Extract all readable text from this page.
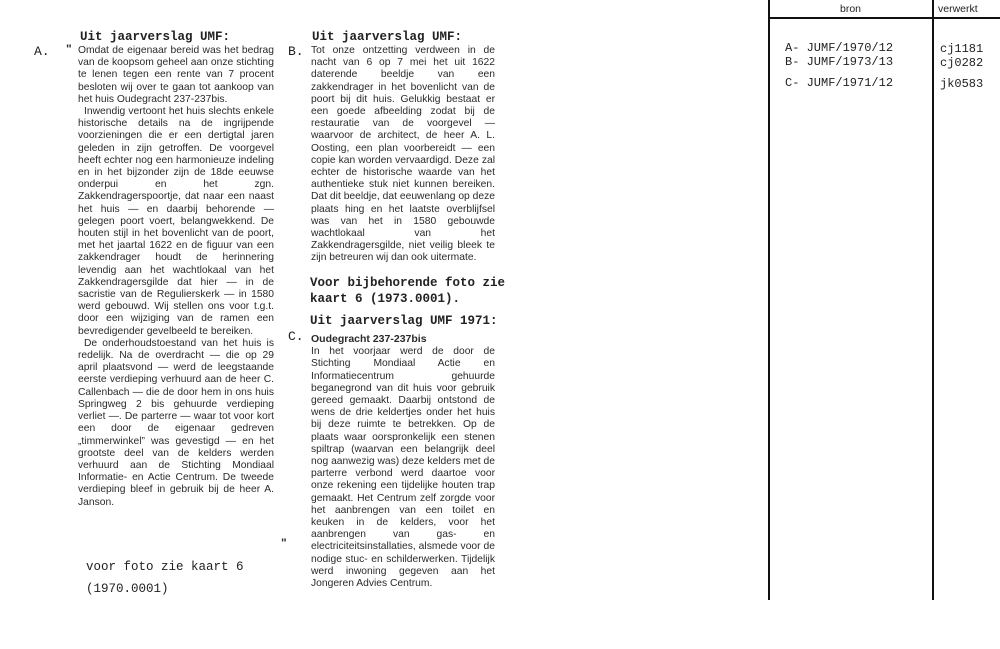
Uit jaarverslag UMF:
A. " Omdat de eigenaar bereid was het bedrag van de koopsom geheel aan onze stichting te lenen tegen een rente van 7 procent besloten wij over te gaan tot aankoop van het huis Oudegracht 237-237bis.

Inwendig vertoont het huis slechts enkele historische details na de ingrijpende voorzieningen die er een dertigtal jaren geleden in zijn getroffen. De voorgevel heeft echter nog een harmonieuze indeling en in het bijzonder zijn de 18de eeuwse onderpui en het zgn. Zakkendragerspoortje, dat naar een naast het huis — en daarbij behorende — gelegen poort voert, belangwekkend. De houten stijl in het bovenlicht van de poort, met het jaartal 1622 en de figuur van een zakkendrager houdt de herinnering levendig aan het wachtlokaal van het Zakkendragersgilde dat hier — in de sacristie van de Regulierskerk — in 1580 werd gebouwd. Wij stellen ons voor t.g.t. door een wijziging van de ramen een bevredigender gevelbeeld te bereiken.

De onderhoudstoestand van het huis is redelijk. Na de overdracht — die op 29 april plaatsvond — werd de leegstaande eerste verdieping verhuurd aan de heer C. Callenbach — die de door hem in ons huis Springweg 2 bis gehuurde verdieping verliet —. De parterre — waar tot voor kort een door de eigenaar gedreven „timmerwinkel” was gevestigd — en het grootste deel van de kelders werden verhuurd aan de Stichting Mondiaal Informatie- en Actie Centrum. De tweede verdieping bleef in gebruik bij de heer A. Janson.

voor foto zie kaart 6
(1970.0001)
Uit jaarverslag UMF:
B. Tot onze ontzetting verdween in de nacht van 6 op 7 mei het uit 1622 daterende beeldje van een zakkendrager in het bovenlicht van de poort bij dit huis. Gelukkig bestaat er een goede afbeelding zodat bij de restauratie van de voorgevel — waarvoor de architect, de heer A. L. Oosting, een plan voorbereidt — een copie kan worden vervaardigd. Deze zal echter de historische waarde van het authentieke stuk niet kunnen bereiken. Dat dit beeldje, dat eeuwenlang op deze plaats hing en het laatste overblijfsel was van het in 1580 gebouwde wachtlokaal van het Zakkendragersgilde, niet veilig bleek te zijn betreuren wij dan ook uitermate.
Voor bijbehorende foto zie
kaart 6 (1973.0001).
Uit jaarverslag UMF 1971:
C. Oudegracht 237-237bis

In het voorjaar werd de door de Stichting Mondiaal Actie en Informatiecentrum gehuurde beganegrond van dit huis voor gebruik gereed gemaakt. Daarbij ontstond de wens de drie keldertjes onder het huis bij deze ruimte te betrekken. Op de plaats waar oorspronkelijk een stenen spiltrap (waarvan een belangrijk deel nog aanwezig was) deze kelders met de parterre verbond werd daartoe voor onze rekening een tijdelijke houten trap gemaakt. Het Centrum zelf zorgde voor het aanbrengen van een toilet en keuken in de kelders, voor het aanbrengen van gas- en electriciteitsinstallaties, alsmede voor de nodige stuc- en schilderwerken. Tijdelijk werd inwoning gegeven aan het Jongeren Advies Centrum.

"
bron	verwerkt
A- JUMF/1970/12	cj1181
B- JUMF/1973/13	cj0282
C- JUMF/1971/12	jk0583
